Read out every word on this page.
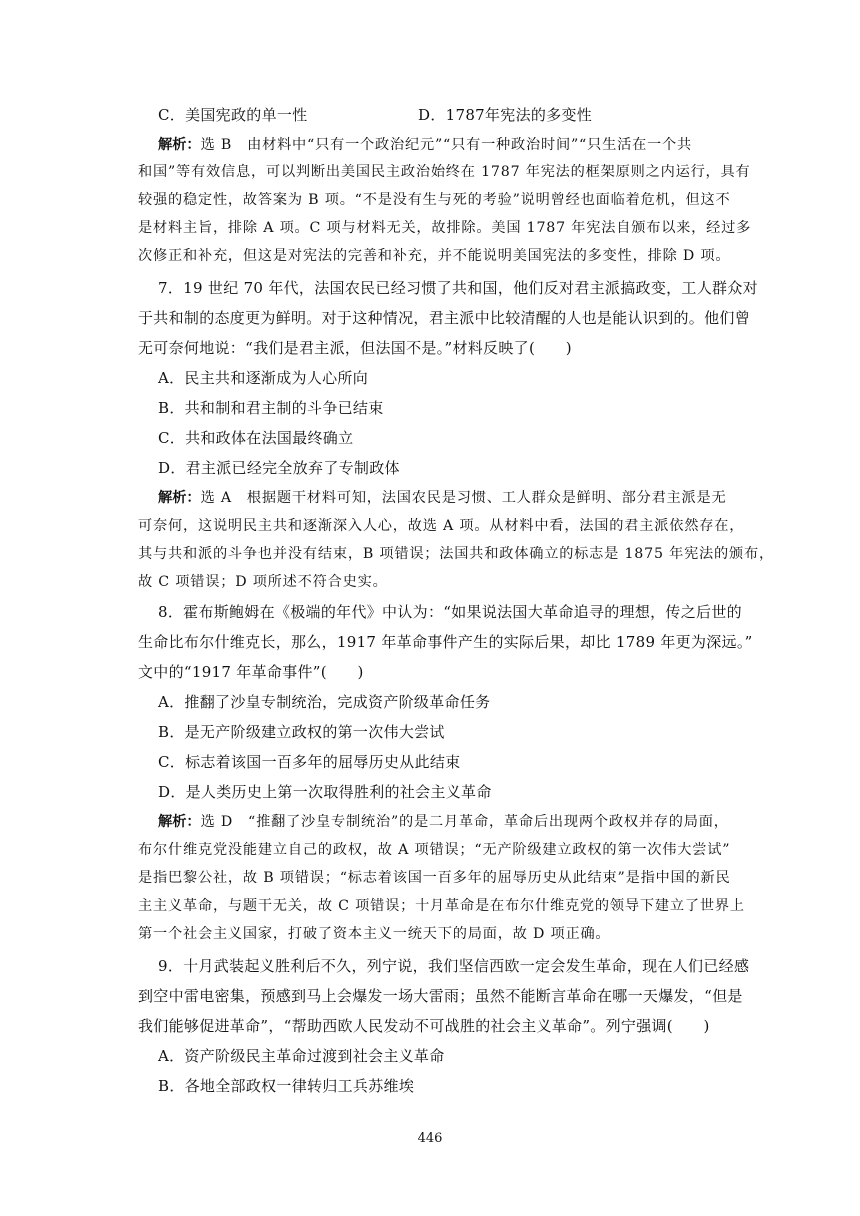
C．美国宪政的单一性	D．1787年宪法的多变性
解析：选 B　由材料中“只有一个政治纪元”“只有一种政治时间”“只生活在一个共
和国”等有效信息，可以判断出美国民主政治始终在 1787 年宪法的框架原则之内运行，具有
较强的稳定性，故答案为 B 项。“不是没有生与死的考验”说明曾经也面临着危机，但这不
是材料主旨，排除 A 项。C 项与材料无关，故排除。美国 1787 年宪法自颁布以来，经过多
次修正和补充，但这是对宪法的完善和补充，并不能说明美国宪法的多变性，排除 D 项。
7．19 世纪 70 年代，法国农民已经习惯了共和国，他们反对君主派搞政变，工人群众对
于共和制的态度更为鲜明。对于这种情况，君主派中比较清醒的人也是能认识到的。他们曾
无可奈何地说：“我们是君主派，但法国不是。”材料反映了(　　)
A．民主共和逐渐成为人心所向
B．共和制和君主制的斗争已结束
C．共和政体在法国最终确立
D．君主派已经完全放弃了专制政体
解析：选 A　根据题干材料可知，法国农民是习惯、工人群众是鲜明、部分君主派是无
可奈何，这说明民主共和逐渐深入人心，故选 A 项。从材料中看，法国的君主派依然存在，
其与共和派的斗争也并没有结束，B 项错误；法国共和政体确立的标志是 1875 年宪法的颁布，
故 C 项错误；D 项所述不符合史实。
8．霍布斯鲍姆在《极端的年代》中认为：“如果说法国大革命追寻的理想，传之后世的
生命比布尔什维克长，那么，1917 年革命事件产生的实际后果，却比 1789 年更为深远。”
文中的“1917 年革命事件”(　　)
A．推翻了沙皇专制统治，完成资产阶级革命任务
B．是无产阶级建立政权的第一次伟大尝试
C．标志着该国一百多年的屈辱历史从此结束
D．是人类历史上第一次取得胜利的社会主义革命
解析：选 D　“推翻了沙皇专制统治”的是二月革命，革命后出现两个政权并存的局面，
布尔什维克党没能建立自己的政权，故 A 项错误；“无产阶级建立政权的第一次伟大尝试”
是指巴黎公社，故 B 项错误；“标志着该国一百多年的屈辱历史从此结束”是指中国的新民
主主义革命，与题干无关，故 C 项错误；十月革命是在布尔什维克党的领导下建立了世界上
第一个社会主义国家，打破了资本主义一统天下的局面，故 D 项正确。
9．十月武装起义胜利后不久，列宁说，我们坚信西欧一定会发生革命，现在人们已经感
到空中雷电密集，预感到马上会爆发一场大雷雨；虽然不能断言革命在哪一天爆发，“但是
我们能够促进革命”，“帮助西欧人民发动不可战胜的社会主义革命”。列宁强调(　　)
A．资产阶级民主革命过渡到社会主义革命
B．各地全部政权一律转归工兵苏维埃
446
